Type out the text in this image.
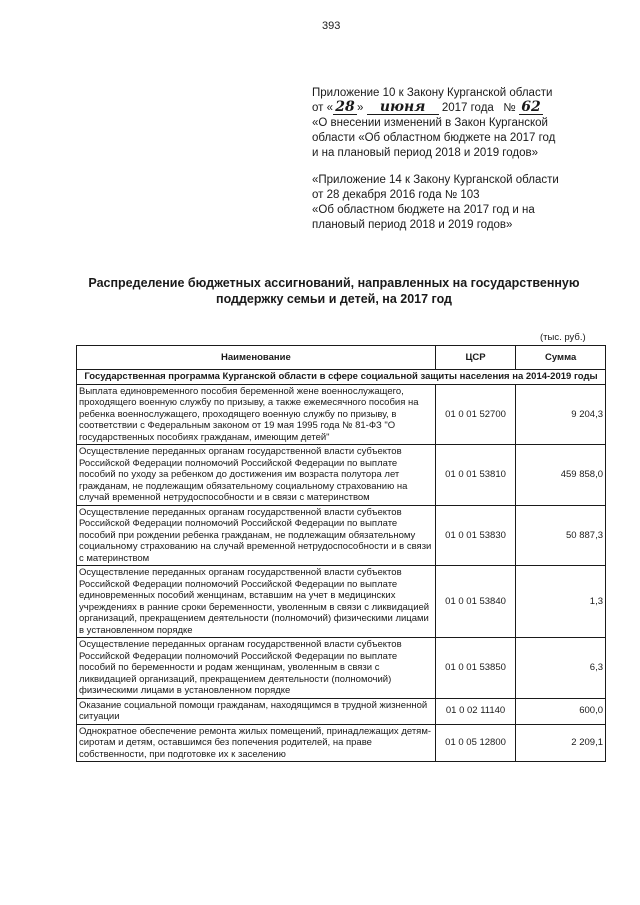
393

Приложение 10 к Закону Курганской области

от « 28 » июня 2017 года № 62

«О внесении изменений в Закон Курганской

области «Об областном бюджете на 2017 год

и на плановый период 2018 и 2019 годов»

«Приложение 14 к Закону Курганской области

от 28 декабря 2016 года № 103

«Об областном бюджете на 2017 год и на

плановый период 2018 и 2019 годов»

Распределение бюджетных ассигнований, направленных на государственную поддержку семьи и детей, на 2017 год
(тыс. руб.)
Наименование	ЦСР	Сумма
Государственная программа Курганской области в сфере социальной защиты населения на 2014-2019 годы		
Выплата единовременного пособия беременной жене военнослужащего, проходящего военную службу по призыву, а также ежемесячного пособия на ребенка военнослужащего, проходящего военную службу по призыву, в соответствии с Федеральным законом от 19 мая 1995 года № 81-ФЗ "О государственных пособиях гражданам, имеющим детей"	01 0 01 52700	9 204,3
Осуществление переданных органам государственной власти субъектов Российской Федерации полномочий Российской Федерации по выплате пособий по уходу за ребенком до достижения им возраста полутора лет гражданам, не подлежащим обязательному социальному страхованию на случай временной нетрудоспособности и в связи с материнством	01 0 01 53810	459 858,0
Осуществление переданных органам государственной власти субъектов Российской Федерации полномочий Российской Федерации по выплате пособий при рождении ребенка гражданам, не подлежащим обязательному социальному страхованию на случай временной нетрудоспособности и в связи с материнством	01 0 01 53830	50 887,3
Осуществление переданных органам государственной власти субъектов Российской Федерации полномочий Российской Федерации по выплате единовременных пособий женщинам, вставшим на учет в медицинских учреждениях в ранние сроки беременности, уволенным в связи с ликвидацией организаций, прекращением деятельности (полномочий) физическими лицами в установленном порядке	01 0 01 53840	1,3
Осуществление переданных органам государственной власти субъектов Российской Федерации полномочий Российской Федерации по выплате пособий по беременности и родам женщинам, уволенным в связи с ликвидацией организаций, прекращением деятельности (полномочий) физическими лицами в установленном порядке	01 0 01 53850	6,3
Оказание социальной помощи гражданам, находящимся в трудной жизненной ситуации	01 0 02 11140	600,0
Однократное обеспечение ремонта жилых помещений, принадлежащих детям-сиротам и детям, оставшимся без попечения родителей, на праве собственности, при подготовке их к заселению	01 0 05 12800	2 209,1
